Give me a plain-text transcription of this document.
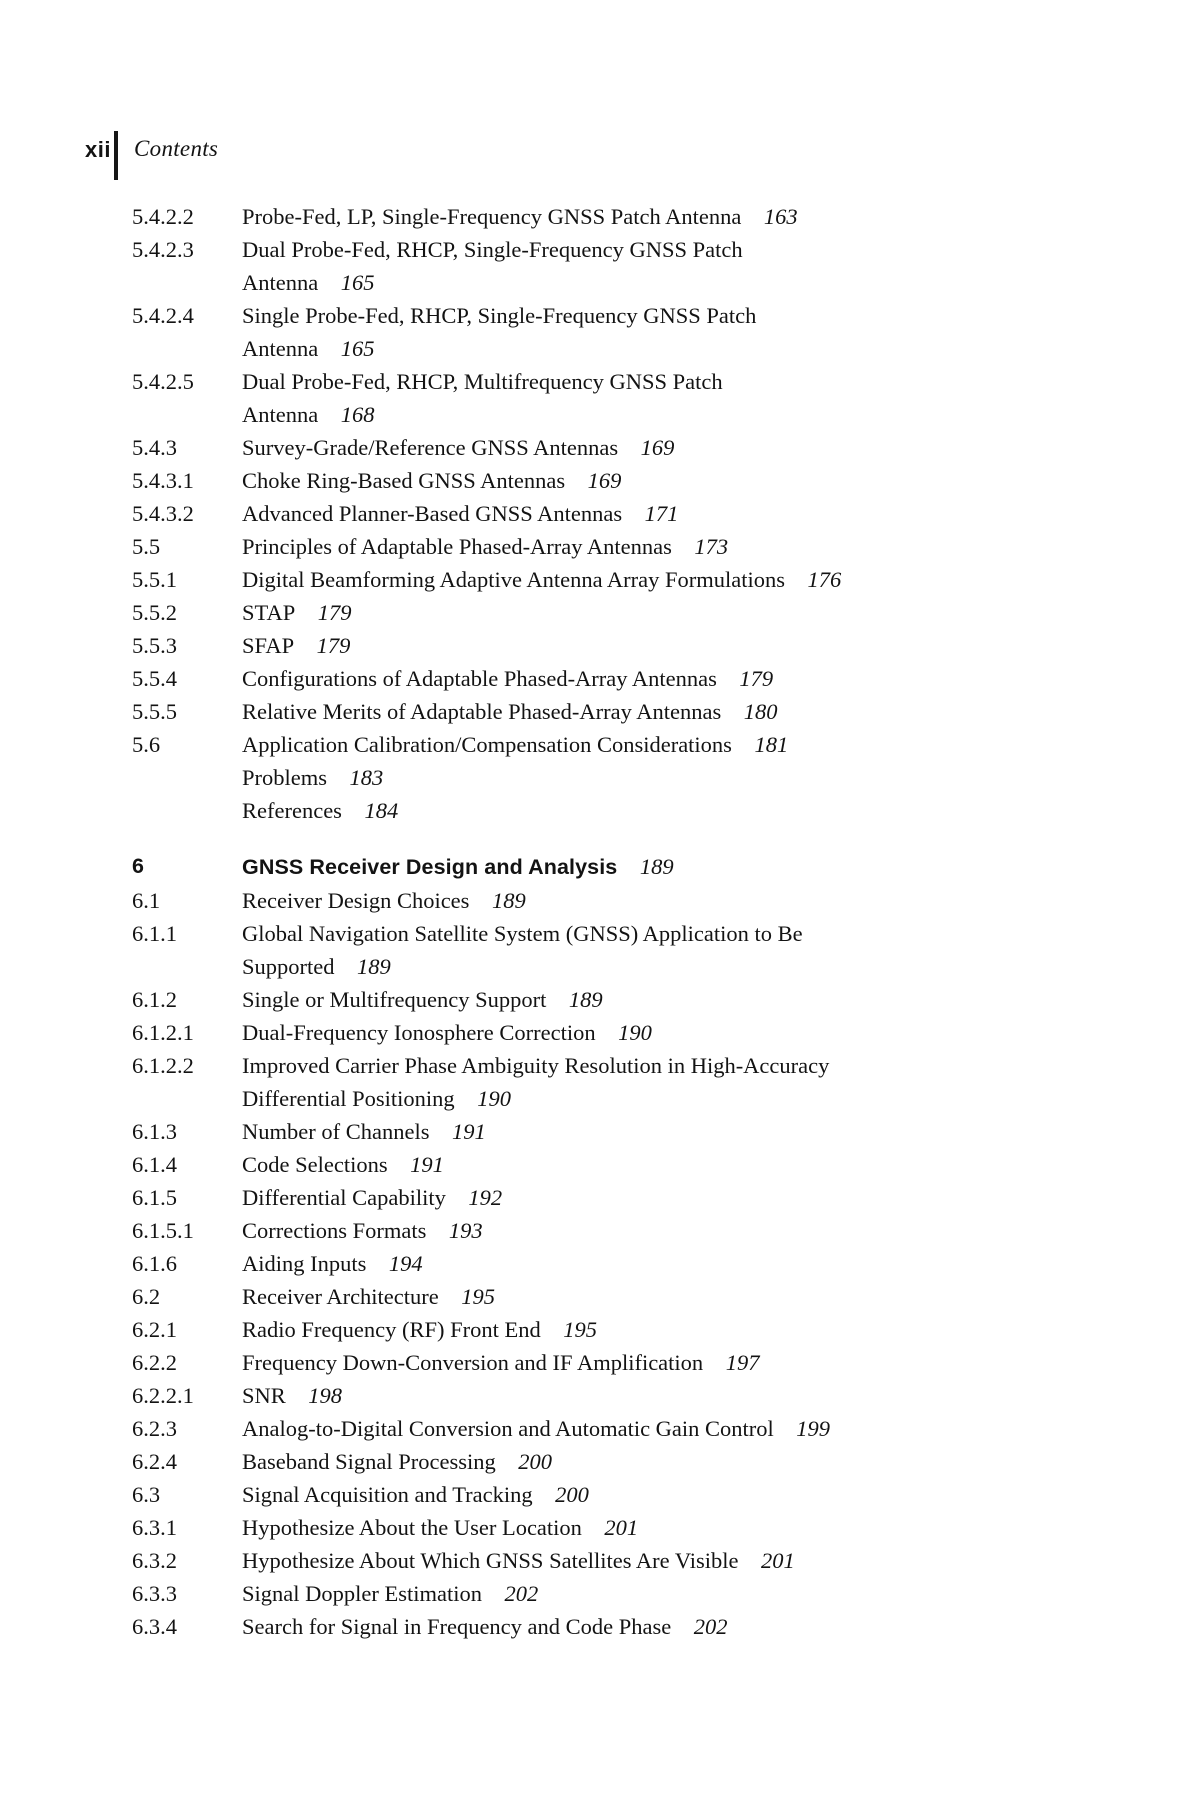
xii Contents
5.4.2.2	Probe-Fed, LP, Single-Frequency GNSS Patch Antenna 163
5.4.2.3	Dual Probe-Fed, RHCP, Single-Frequency GNSS Patch
Antenna 165
5.4.2.4	Single Probe-Fed, RHCP, Single-Frequency GNSS Patch
Antenna 165
5.4.2.5	Dual Probe-Fed, RHCP, Multifrequency GNSS Patch
Antenna 168
5.4.3	Survey-Grade/Reference GNSS Antennas 169
5.4.3.1	Choke Ring-Based GNSS Antennas 169
5.4.3.2	Advanced Planner-Based GNSS Antennas 171
5.5	Principles of Adaptable Phased-Array Antennas 173
5.5.1	Digital Beamforming Adaptive Antenna Array Formulations 176
5.5.2	STAP 179
5.5.3	SFAP 179
5.5.4	Configurations of Adaptable Phased-Array Antennas 179
5.5.5	Relative Merits of Adaptable Phased-Array Antennas 180
5.6	Application Calibration/Compensation Considerations 181
Problems 183
References 184
6	GNSS Receiver Design and Analysis 189
6.1	Receiver Design Choices 189
6.1.1	Global Navigation Satellite System (GNSS) Application to Be
Supported 189
6.1.2	Single or Multifrequency Support 189
6.1.2.1	Dual-Frequency Ionosphere Correction 190
6.1.2.2	Improved Carrier Phase Ambiguity Resolution in High-Accuracy
Differential Positioning 190
6.1.3	Number of Channels 191
6.1.4	Code Selections 191
6.1.5	Differential Capability 192
6.1.5.1	Corrections Formats 193
6.1.6	Aiding Inputs 194
6.2	Receiver Architecture 195
6.2.1	Radio Frequency (RF) Front End 195
6.2.2	Frequency Down-Conversion and IF Amplification 197
6.2.2.1	SNR 198
6.2.3	Analog-to-Digital Conversion and Automatic Gain Control 199
6.2.4	Baseband Signal Processing 200
6.3	Signal Acquisition and Tracking 200
6.3.1	Hypothesize About the User Location 201
6.3.2	Hypothesize About Which GNSS Satellites Are Visible 201
6.3.3	Signal Doppler Estimation 202
6.3.4	Search for Signal in Frequency and Code Phase 202
